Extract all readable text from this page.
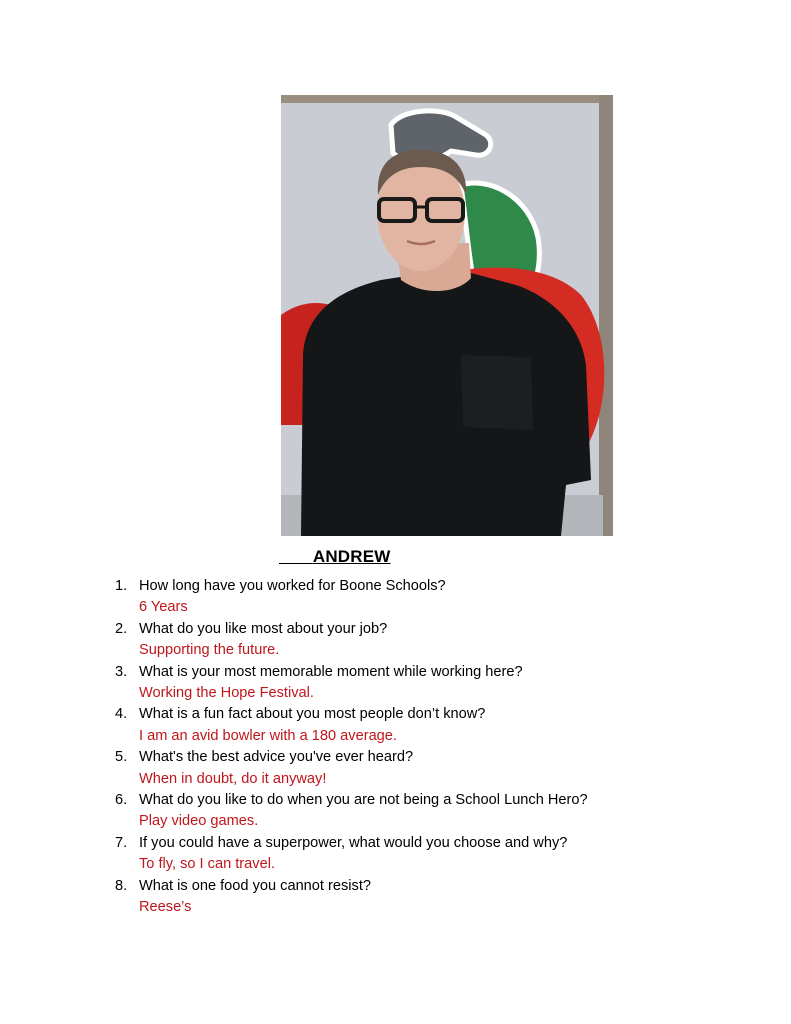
ANDREW
1. How long have you worked for Boone Schools?
6 Years
2. What do you like most about your job?
Supporting the future.
3. What is your most memorable moment while working here?
Working the Hope Festival.
4. What is a fun fact about you most people don’t know?
I am an avid bowler with a 180 average.
5. What's the best advice you've ever heard?
When in doubt, do it anyway!
6. What do you like to do when you are not being a School Lunch Hero?
Play video games.
7. If you could have a superpower, what would you choose and why?
To fly, so I can travel.
8. What is one food you cannot resist?
Reese’s
